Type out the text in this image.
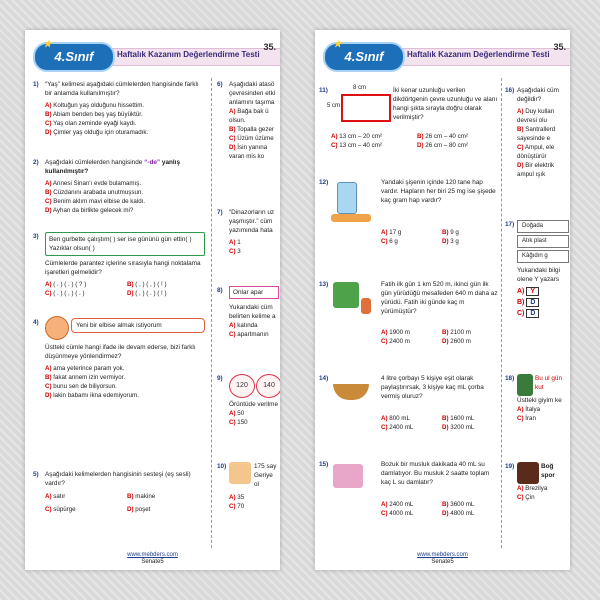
★
4.Sınıf	Haftalık Kazanım Değerlendirme Testi
35.
1) “Yaş” kelimesi aşağıdaki cümlelerden hangisinde farklı bir anlamda kullanılmıştır?
A) Koltuğun yaş olduğunu hissettim.
B) Abiam benden beş yaş büyüktür.
C) Yaş olan zeminde eyaği kaydı.
D) Çimler yaş olduğu için oturamadık.
2) Aşağıdaki cümlelerden hangisinde “-de” yanlış kullanılmıştır?
A) Annesi Sinan'ı evde bulamamış.
B) Cüzdanını arabada unutmuşsun.
C) Benim aklım mavi elbise de kaldı.
D) Ayhan da birlikte gelecek mi?
3)	Ben gurbette çalıştım( ) ser ise gününü gün ettin( ) Yazıklar olsun( )
Cümlelerde parantez içlerine sırasıyla hangi noktalama işaretleri gelmelidir?
A) ( . ) ( . ) ( ? )	B) ( , ) ( , ) ( ! )
C) ( . ) ( , ) ( . )	D) ( , ) ( . ) ( ! )
4)	Yeni bir elbise almak istiyorum
Üstteki cümle hangi ifade ile devam ederse, bizi farklı düşünmeye yönlendirmez?
A) ama yeterince param yok.
B) fakat annem izin vermiyor.
C) bunu sen de biliyorsun.
D) lakin babamı ikna edemiyorum.
5) Aşağıdaki kelimelerden hangisinin sesteşi (eş sesli) vardır?
A) satır	B) makine
C) süpürge	D) poşet
6) Aşağıdaki atasö çevresinden etki anlamını taşıma
A) Bağa bak ü olsun.
B) Topalla gezer
C) Üzüm üzüme
D) İsin yanına varan mis ko
7) “Dinazorların uz yaşmıştır.” cüm yazımında hata
A) 1
C) 3
8)	Onlar apar
Yukarıdaki cüm belirten kelime a
A) katında
C) apartmanın
9)
120	140
Örüntüde verilme
A) 50
C) 150
10)	175 say Geriye ol
A) 35
C) 70
www.mebders.com
Senate5
★
4.Sınıf	Haftalık Kazanım Değerlendirme Testi
35.
11)	8 cm
5 cm
İki kenar uzunluğu verilen dikdörtgenin çevre uzunluğu ve alanı hangi şıkta sırayla doğru olarak verilmiştir?
A) 13 cm – 20 cm²	B) 26 cm – 40 cm²
C) 13 cm – 40 cm²	D) 26 cm – 80 cm²
12)	Yandaki şişenin içinde 120 tane hap vardır. Hapların her biri 25 mg ise şişede kaç gram hap vardır?
A) 17 g	B) 9 g
C) 6 g	D) 3 g
13)	Fatih ilk gün 1 km 520 m, ikinci gün ilk gün yürüdüğü mesafeden 640 m daha az yürüdü. Fatih iki günde kaç m yürümüştür?
A) 1900 m	B) 2100 m
C) 2400 m	D) 2600 m
14)	4 litre çorbayı 5 kişiye eşit olarak paylaştırırsak, 3 kişiye kaç mL çorba vermiş oluruz?
A) 800 mL	B) 1600 mL
C) 2400 mL	D) 3200 mL
15)	Bozuk bir musluk dakikada 40 mL su damlatıyor. Bu musluk 2 saatte toplam kaç L su damlatır?
A) 2400 mL	B) 3600 mL
C) 4000 mL	D) 4800 mL
16) Aşağıdaki cüm değildir?
A) Duy kullan devresi olu
B) Santrallerd sayesinde e
C) Ampul, ele dönüştürür
D) Bir elektrik ampul ışık
17)	Doğada
Atık plast
Kâğıdın g
Yukarıdaki bilgi olene Y yazars
A) Y
B) D
C) D
18)	Bu ul gün kut
Üstteki giyim ke
A) İtalya
C) İran
19)	Boğ spor
A) Brezilya
C) Çin
www.mebders.com
Senate5
